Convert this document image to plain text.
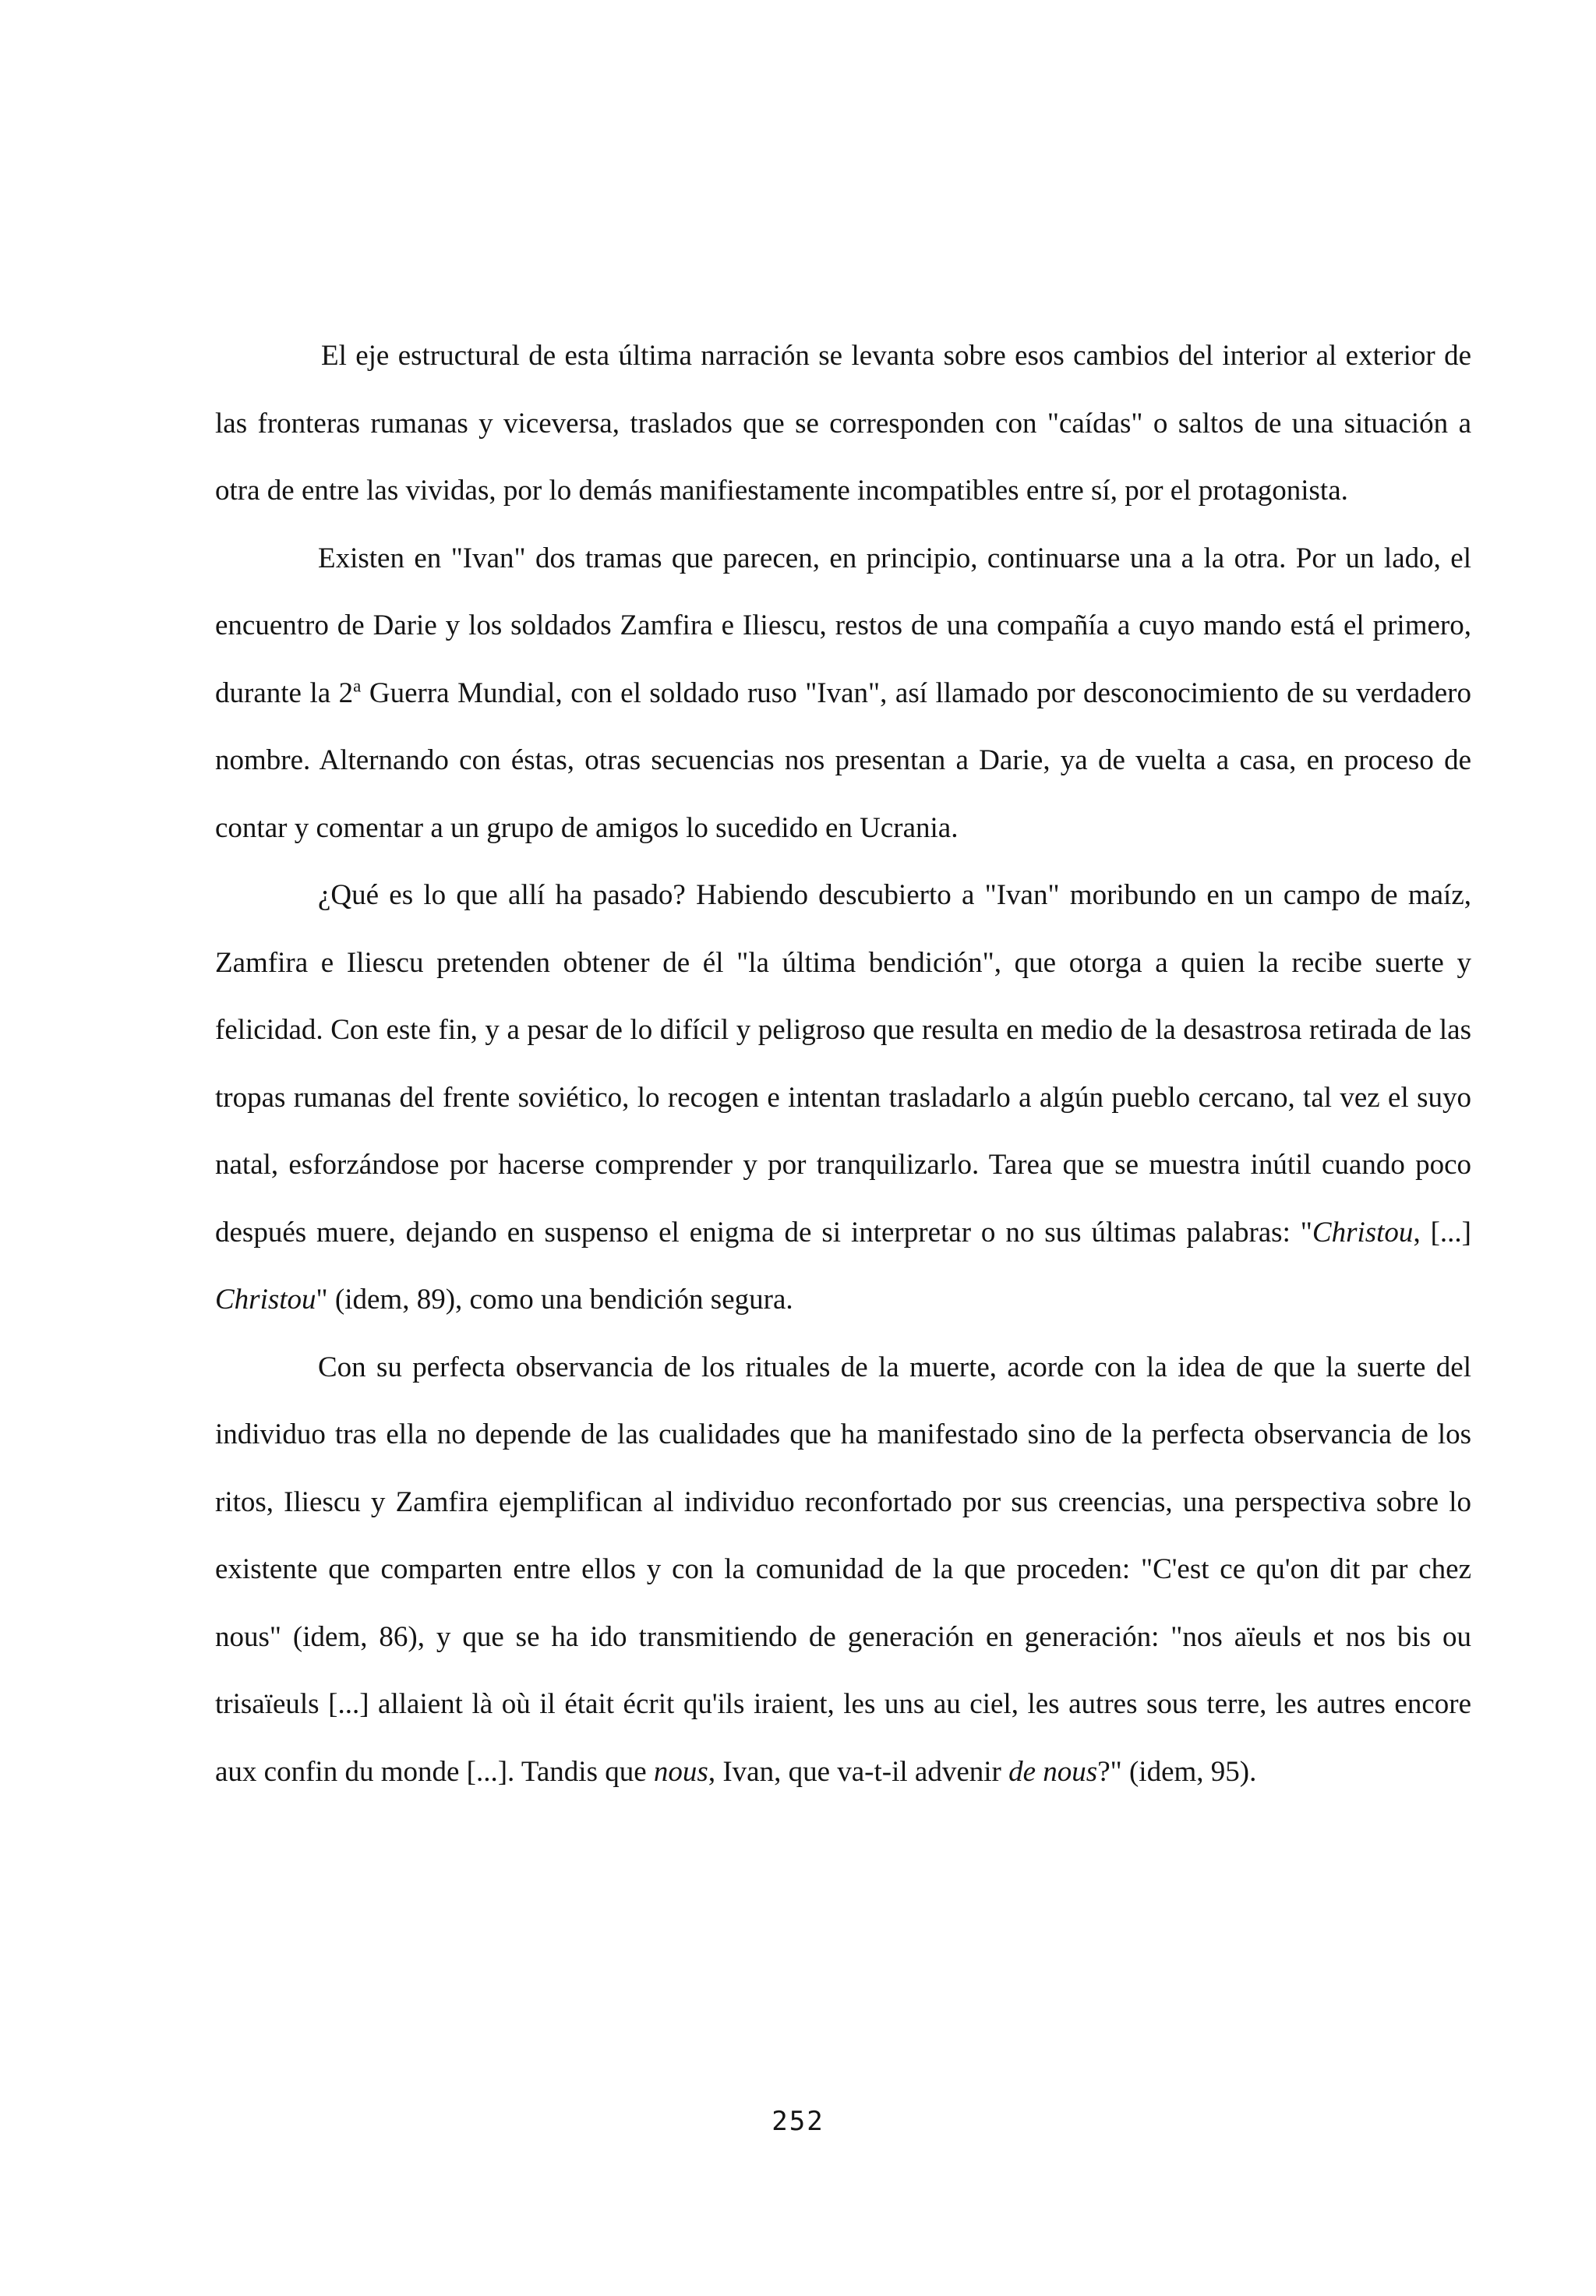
El eje estructural de esta última narración se levanta sobre esos cambios del interior al exterior de las fronteras rumanas y viceversa, traslados que se corresponden con "caídas" o saltos de una situación a otra de entre las vividas, por lo demás manifiestamente incompatibles entre sí, por el protagonista.

Existen en "Ivan" dos tramas que parecen, en principio, continuarse una a la otra. Por un lado, el encuentro de Darie y los soldados Zamfira e Iliescu, restos de una compañía a cuyo mando está el primero, durante la 2$^a$ Guerra Mundial, con el soldado ruso "Ivan", así llamado por desconocimiento de su verdadero nombre. Alternando con éstas, otras secuencias nos presentan a Darie, ya de vuelta a casa, en proceso de contar y comentar a un grupo de amigos lo sucedido en Ucrania.

¿Qué es lo que allí ha pasado? Habiendo descubierto a "Ivan" moribundo en un campo de maíz, Zamfira e Iliescu pretenden obtener de él "la última bendición", que otorga a quien la recibe suerte y felicidad. Con este fin, y a pesar de lo difícil y peligroso que resulta en medio de la desastrosa retirada de las tropas rumanas del frente soviético, lo recogen e intentan trasladarlo a algún pueblo cercano, tal vez el suyo natal, esforzándose por hacerse comprender y por tranquilizarlo. Tarea que se muestra inútil cuando poco después muere, dejando en suspenso el enigma de si interpretar o no sus últimas palabras: "Christou, [...] Christou" (idem, 89), como una bendición segura.

Con su perfecta observancia de los rituales de la muerte, acorde con la idea de que la suerte del individuo tras ella no depende de las cualidades que ha manifestado sino de la perfecta observancia de los ritos, Iliescu y Zamfira ejemplifican al individuo reconfortado por sus creencias, una perspectiva sobre lo existente que comparten entre ellos y con la comunidad de la que proceden: "C'est ce qu'on dit par chez nous" (idem, 86), y que se ha ido transmitiendo de generación en generación: "nos aïeuls et nos bis ou trisaïeuls [...] allaient là où il était écrit qu'ils iraient, les uns au ciel, les autres sous terre, les autres encore aux confin du monde [...]. Tandis que nous, Ivan, que va-t-il advenir de nous?" (idem, 95).

252
